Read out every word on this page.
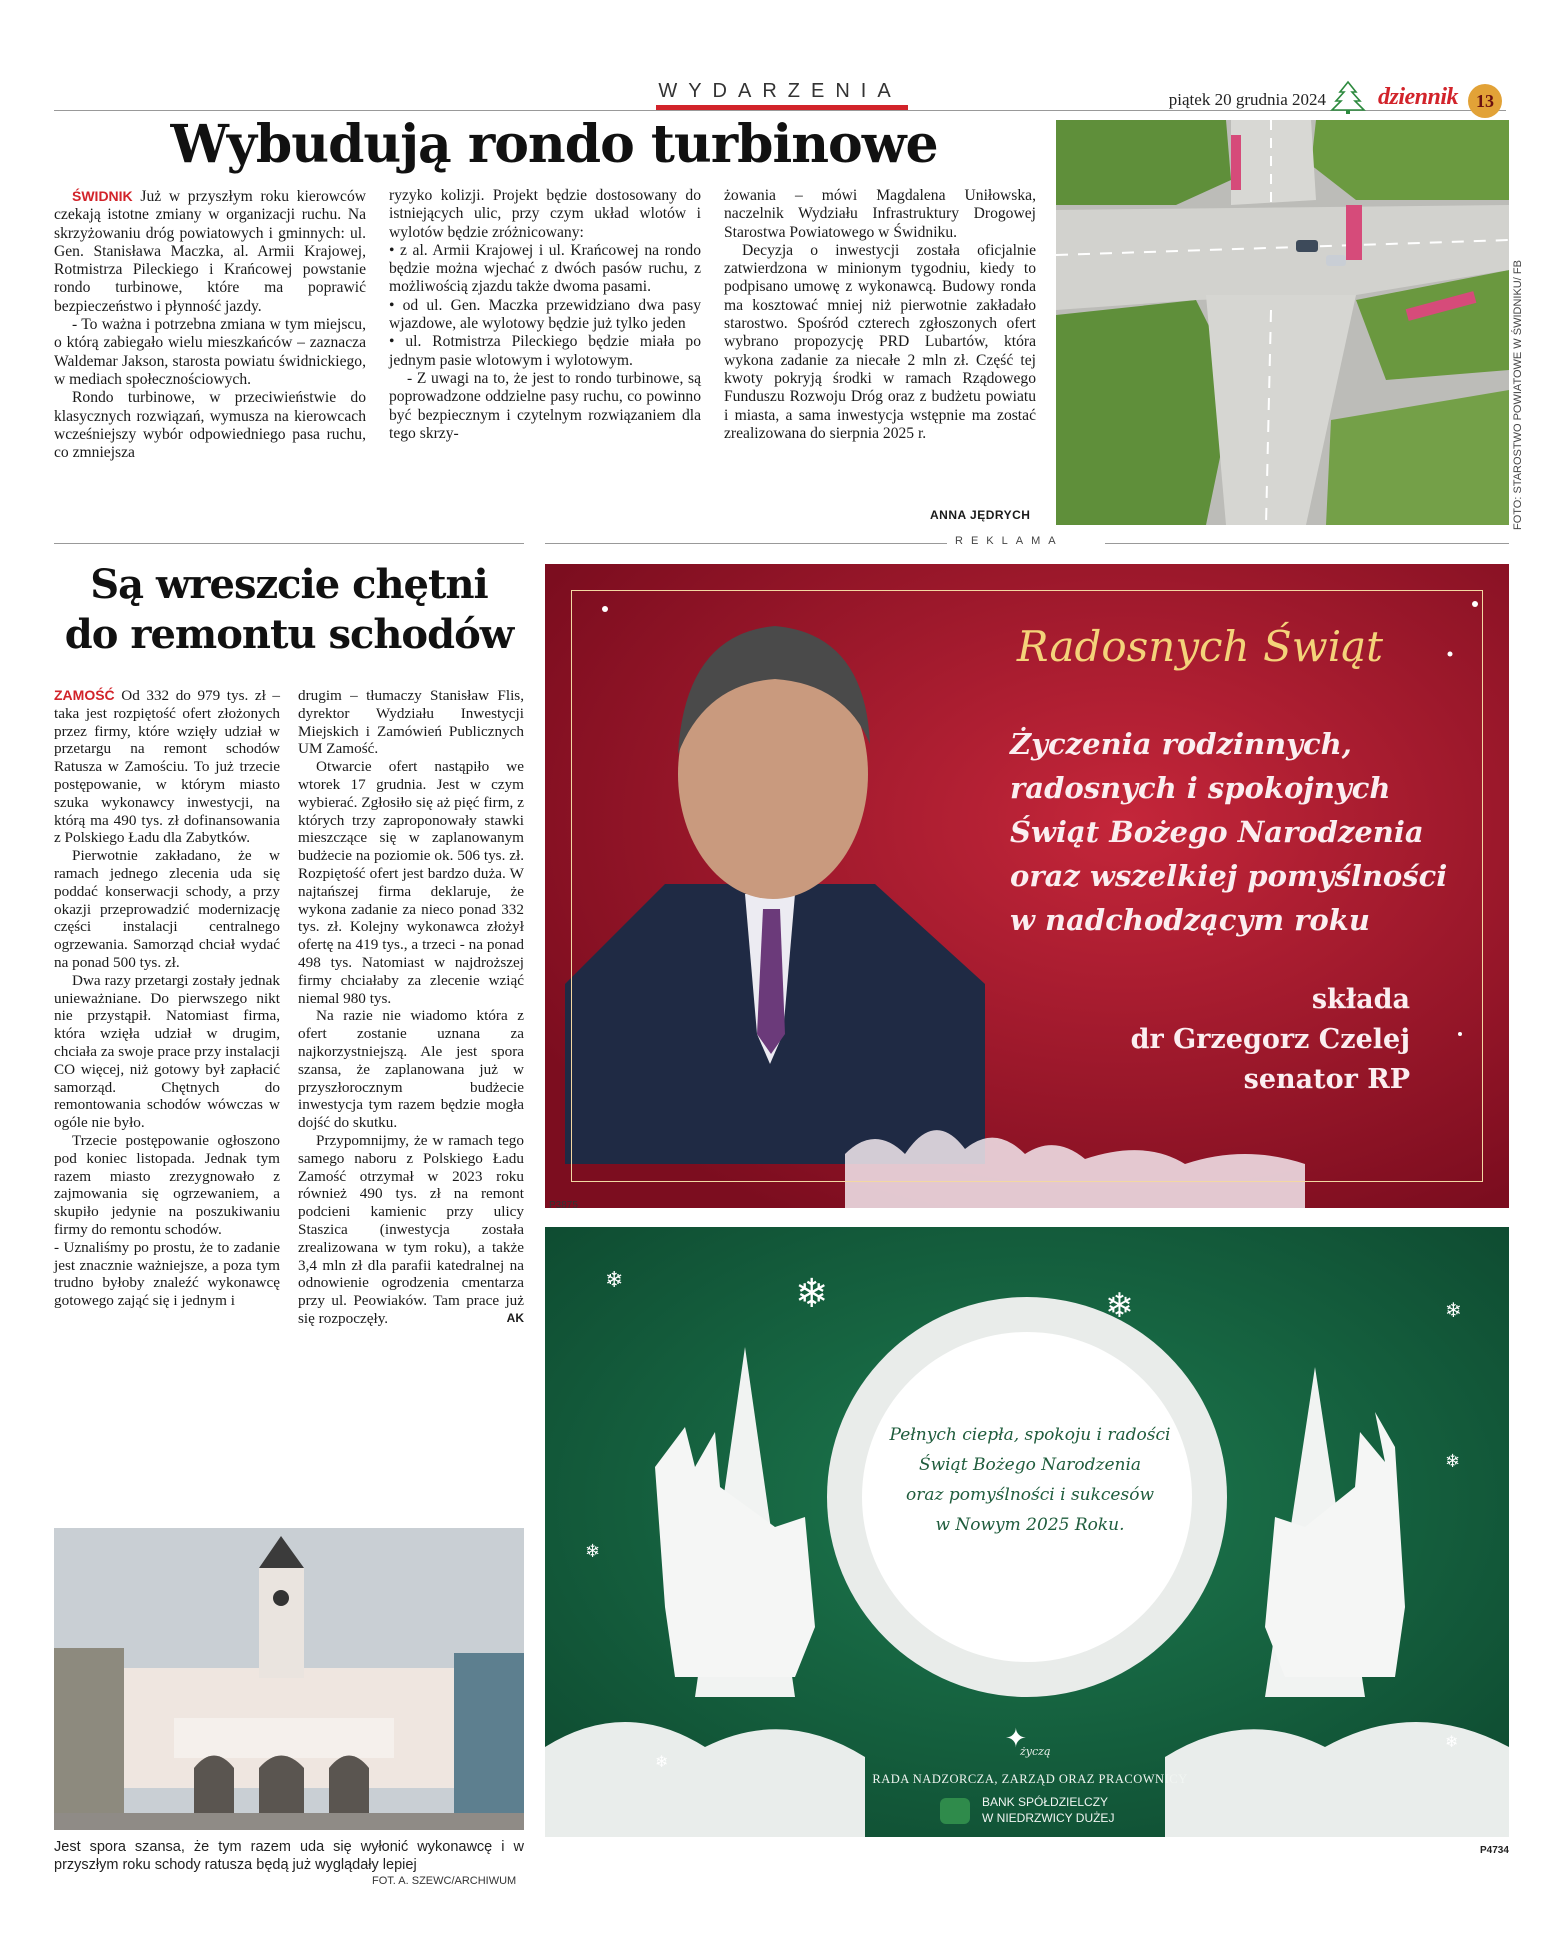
WYDARZENIA	piątek 20 grudnia 2024 dziennik 13
Wybudują rondo turbinowe

ŚWIDNIK Już w przyszłym roku kierowców czekają istotne zmiany w organizacji ruchu. Na skrzyżowaniu dróg powiatowych i gminnych: ul. Gen. Stanisława Maczka, al. Armii Krajowej, Rotmistrza Pileckiego i Krańcowej powstanie rondo turbinowe, które ma poprawić bezpieczeństwo i płynność jazdy.

- To ważna i potrzebna zmiana w tym miejscu, o którą zabiegało wielu mieszkańców – zaznacza Waldemar Jakson, starosta powiatu świdnickiego, w mediach społecznościowych.

Rondo turbinowe, w przeciwieństwie do klasycznych rozwiązań, wymusza na kierowcach wcześniejszy wybór odpowiedniego pasa ruchu, co zmniejsza

ryzyko kolizji. Projekt będzie dostosowany do istniejących ulic, przy czym układ wlotów i wylotów będzie zróżnicowany:

• z al. Armii Krajowej i ul. Krańcowej na rondo będzie można wjechać z dwóch pasów ruchu, z możliwością zjazdu także dwoma pasami.

• od ul. Gen. Maczka przewidziano dwa pasy wjazdowe, ale wylotowy będzie już tylko jeden

• ul. Rotmistrza Pileckiego będzie miała po jednym pasie wlotowym i wylotowym.

- Z uwagi na to, że jest to rondo turbinowe, są poprowadzone oddzielne pasy ruchu, co powinno być bezpiecznym i czytelnym rozwiązaniem dla tego skrzy-

żowania – mówi Magdalena Uniłowska, naczelnik Wydziału Infrastruktury Drogowej Starostwa Powiatowego w Świdniku.

Decyzja o inwestycji została oficjalnie zatwierdzona w minionym tygodniu, kiedy to podpisano umowę z wykonawcą. Budowy ronda ma kosztować mniej niż pierwotnie zakładało starostwo. Spośród czterech zgłoszonych ofert wybrano propozycję PRD Lubartów, która wykona zadanie za niecałe 2 mln zł. Część tej kwoty pokryją środki w ramach Rządowego Funduszu Rozwoju Dróg oraz z budżetu powiatu i miasta, a sama inwestycja wstępnie ma zostać zrealizowana do sierpnia 2025 r.

ANNA JĘDRYCH	FOTO: STAROSTWO POWIATOWE W ŚWIDNIKU/ FB
REKLAMA
Są wreszcie chętni
do remontu schodów

ZAMOŚĆ Od 332 do 979 tys. zł – taka jest rozpiętość ofert złożonych przez firmy, które wzięły udział w przetargu na remont schodów Ratusza w Zamościu. To już trzecie postępowanie, w którym miasto szuka wykonawcy inwestycji, na którą ma 490 tys. zł dofinansowania z Polskiego Ładu dla Zabytków.

Pierwotnie zakładano, że w ramach jednego zlecenia uda się poddać konserwacji schody, a przy okazji przeprowadzić modernizację części instalacji centralnego ogrzewania. Samorząd chciał wydać na ponad 500 tys. zł.

Dwa razy przetargi zostały jednak unieważniane. Do pierwszego nikt nie przystąpił. Natomiast firma, która wzięła udział w drugim, chciała za swoje prace przy instalacji CO więcej, niż gotowy był zapłacić samorząd. Chętnych do remontowania schodów wówczas w ogóle nie było.

Trzecie postępowanie ogłoszono pod koniec listopada. Jednak tym razem miasto zrezygnowało z zajmowania się ogrzewaniem, a skupiło jedynie na poszukiwaniu firmy do remontu schodów.

- Uznaliśmy po prostu, że to zadanie jest znacznie ważniejsze, a poza tym trudno byłoby znaleźć wykonawcę gotowego zająć się i jednym i

drugim – tłumaczy Stanisław Flis, dyrektor Wydziału Inwestycji Miejskich i Zamówień Publicznych UM Zamość.

Otwarcie ofert nastąpiło we wtorek 17 grudnia. Jest w czym wybierać. Zgłosiło się aż pięć firm, z których trzy zaproponowały stawki mieszczące się w zaplanowanym budżecie na poziomie ok. 506 tys. zł. Rozpiętość ofert jest bardzo duża. W najtańszej firma deklaruje, że wykona zadanie za nieco ponad 332 tys. zł. Kolejny wykonawca złożył ofertę na 419 tys., a trzeci - na ponad 498 tys. Natomiast w najdroższej firmy chciałaby za zlecenie wziąć niemal 980 tys.

Na razie nie wiadomo która z ofert zostanie uznana za najkorzystniejszą. Ale jest spora szansa, że zaplanowana już w przyszłorocznym budżecie inwestycja tym razem będzie mogła dojść do skutku.

Przypomnijmy, że w ramach tego samego naboru z Polskiego Ładu Zamość otrzymał w 2023 roku również 490 tys. zł na remont podcieni kamienic przy ulicy Staszica (inwestycja została zrealizowana w tym roku), a także 3,4 mln zł dla parafii katedralnej na odnowienie ogrodzenia cmentarza przy ul. Peowiaków. Tam prace już się rozpoczęły.	AK

Jest spora szansa, że tym razem uda się wyłonić wykonawcę i w przyszłym roku schody ratusza będą już wyglądały lepiej
FOT. A. SZEWC/ARCHIWUM
Radosnych Świąt
Życzenia rodzinnych,
radosnych i spokojnych
Świąt Bożego Narodzenia
oraz wszelkiej pomyślności
w nadchodzącym roku
składa
dr Grzegorz Czelej
senator RP
P3875
❄
❄
❄
❄
❄
❄
✦
❄
❄
Pełnych ciepła, spokoju i radości
Świąt Bożego Narodzenia
oraz pomyślności i sukcesów
w Nowym 2025 Roku.
życzą
RADA NADZORCZA, ZARZĄD ORAZ PRACOWNICY
BANK SPÓŁDZIELCZY
W NIEDRZWICY DUŻEJ
P4734
